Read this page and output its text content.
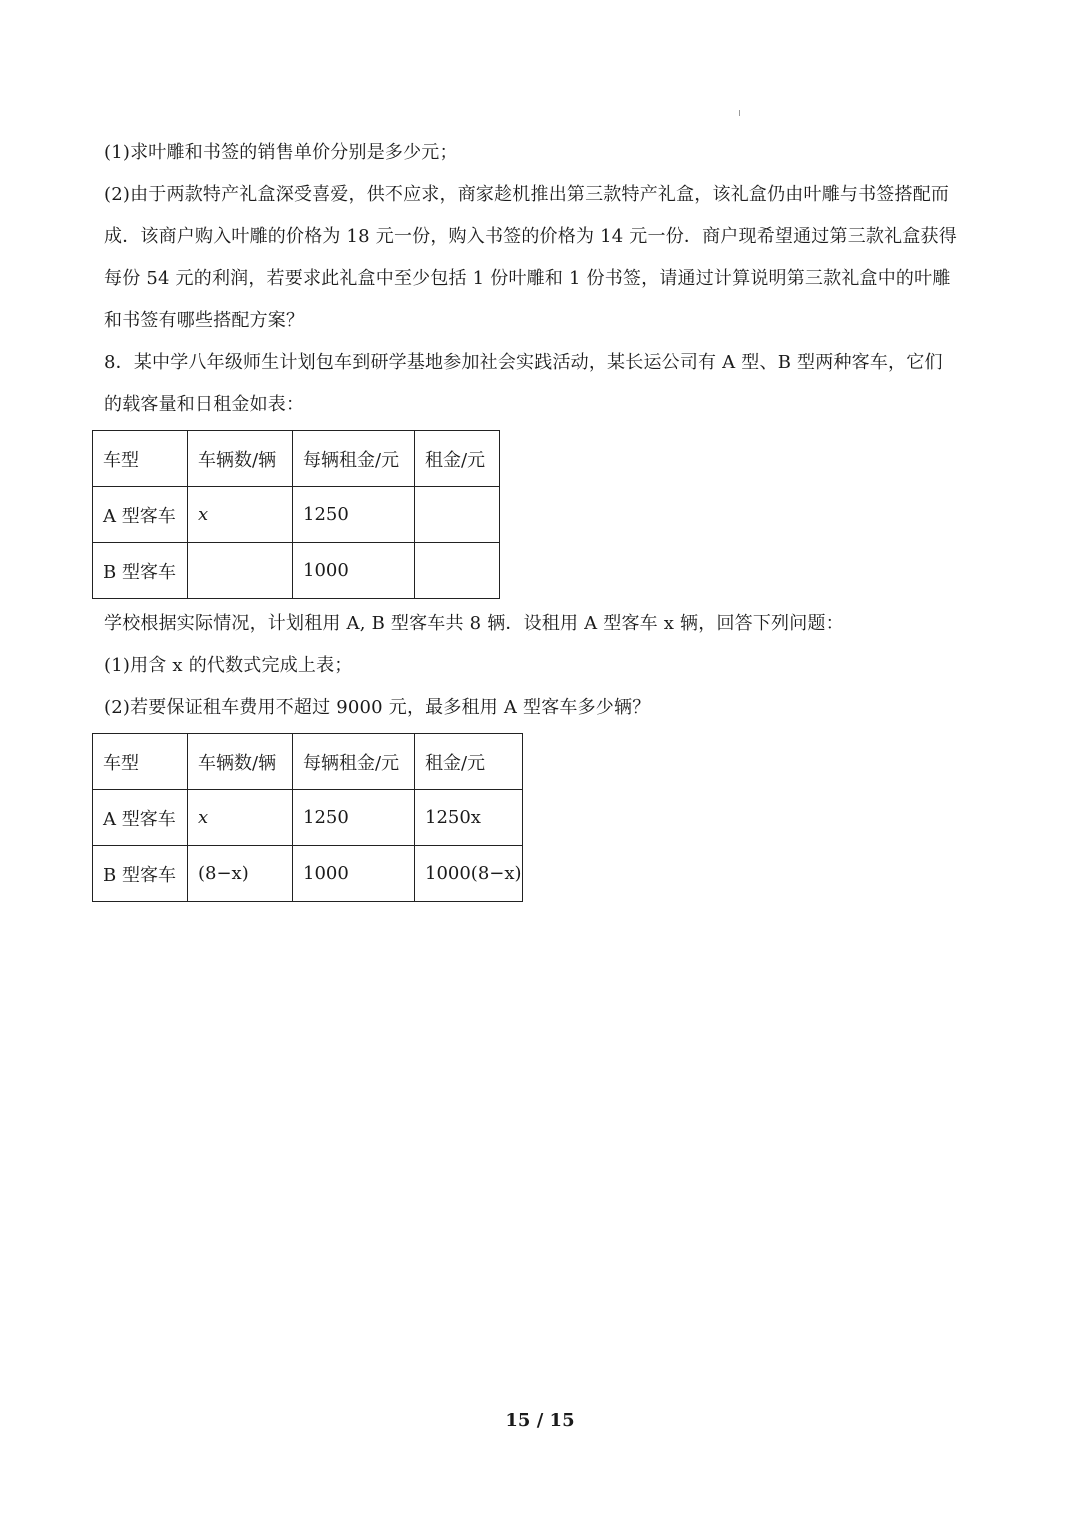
(1)求叶雕和书签的销售单价分别是多少元；
(2)由于两款特产礼盒深受喜爱，供不应求，商家趁机推出第三款特产礼盒，该礼盒仍由叶雕与书签搭配而
成．该商户购入叶雕的价格为 18 元一份，购入书签的价格为 14 元一份．商户现希望通过第三款礼盒获得
每份 54 元的利润，若要求此礼盒中至少包括 1 份叶雕和 1 份书签，请通过计算说明第三款礼盒中的叶雕
和书签有哪些搭配方案？
8．某中学八年级师生计划包车到研学基地参加社会实践活动，某长运公司有 A 型、B 型两种客车，它们
的载客量和日租金如表：
车型	车辆数/辆	每辆租金/元	租金/元
A 型客车	x	1250	
B 型客车		1000	
学校根据实际情况，计划租用 A, B 型客车共 8 辆．设租用 A 型客车 x 辆，回答下列问题：
(1)用含 x 的代数式完成上表；
(2)若要保证租车费用不超过 9000 元，最多租用 A 型客车多少辆？
车型	车辆数/辆	每辆租金/元	租金/元
A 型客车	x	1250	1250x
B 型客车	(8−x)	1000	1000(8−x)
15 / 15
